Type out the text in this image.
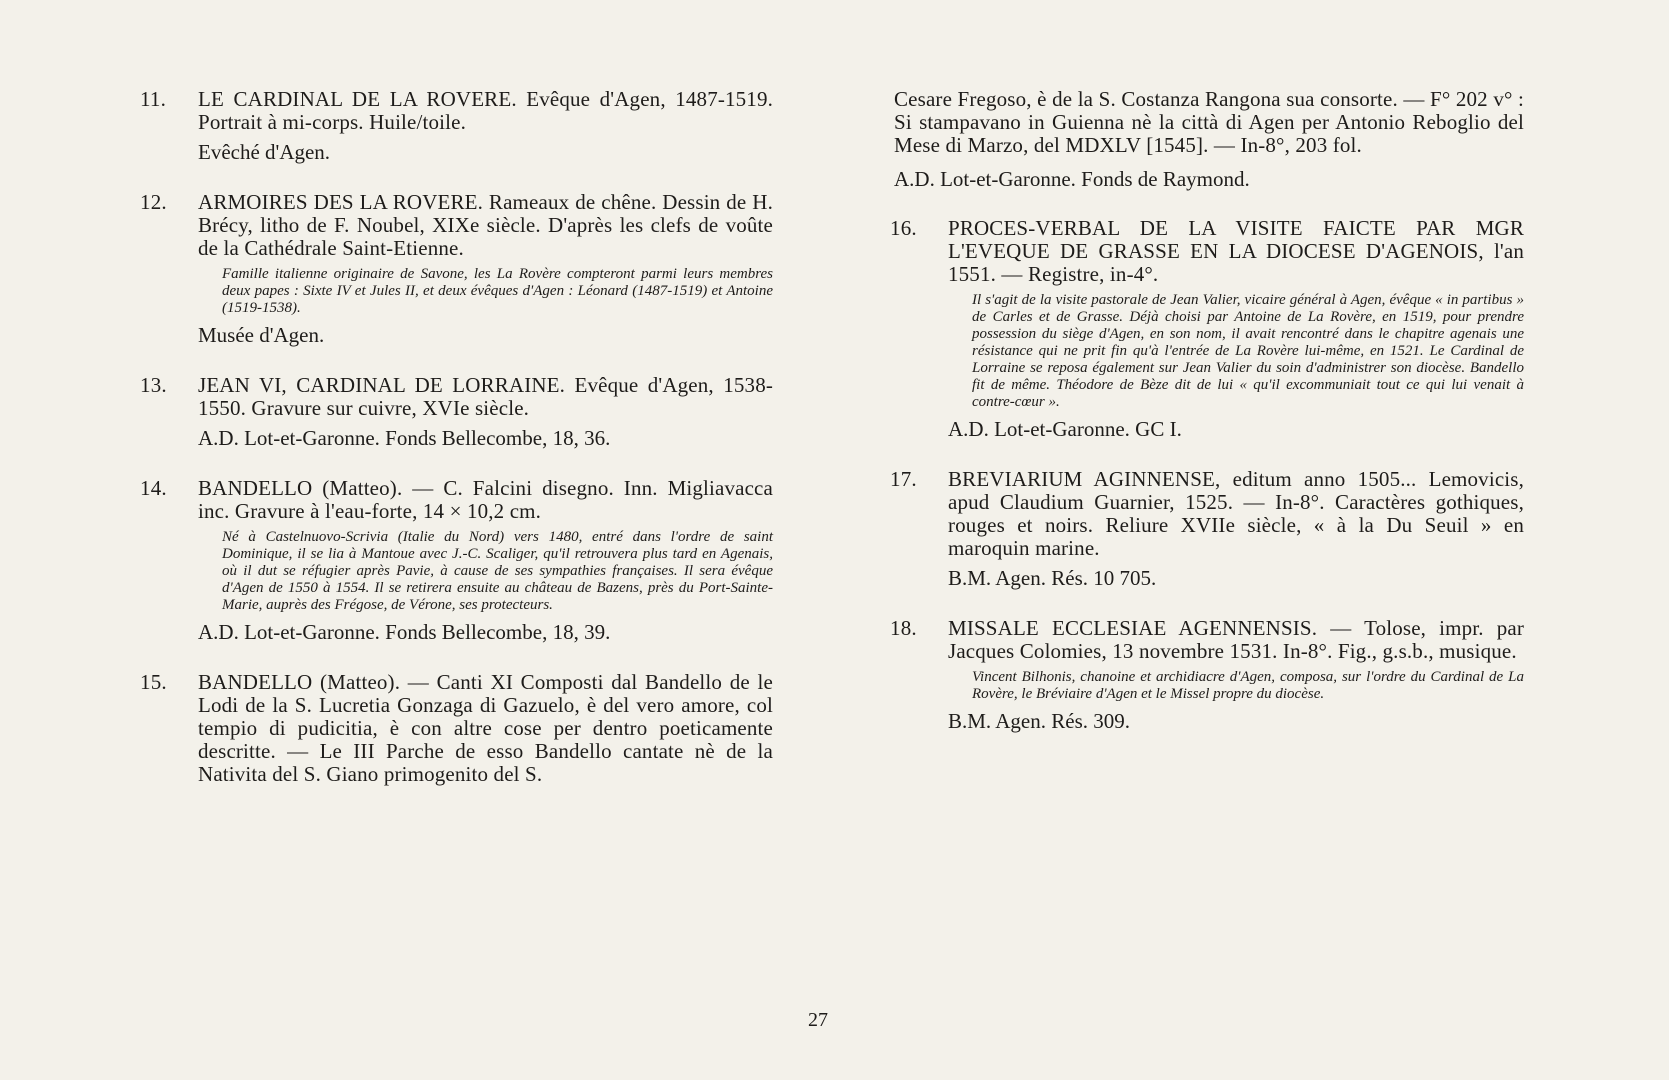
11. LE CARDINAL DE LA ROVERE. Evêque d'Agen, 1487-1519. Portrait à mi-corps. Huile/toile.

Evêché d'Agen.

12. ARMOIRES DES LA ROVERE. Rameaux de chêne. Dessin de H. Brécy, litho de F. Noubel, XIXe siècle. D'après les clefs de voûte de la Cathédrale Saint-Etienne.

Famille italienne originaire de Savone, les La Rovère compteront parmi leurs membres deux papes : Sixte IV et Jules II, et deux évêques d'Agen : Léonard (1487-1519) et Antoine (1519-1538).

Musée d'Agen.

13. JEAN VI, CARDINAL DE LORRAINE. Evêque d'Agen, 1538-1550. Gravure sur cuivre, XVIe siècle.

A.D. Lot-et-Garonne. Fonds Bellecombe, 18, 36.

14. BANDELLO (Matteo). — C. Falcini disegno. Inn. Migliavacca inc. Gravure à l'eau-forte, 14 × 10,2 cm.

Né à Castelnuovo-Scrivia (Italie du Nord) vers 1480, entré dans l'ordre de saint Dominique, il se lia à Mantoue avec J.-C. Scaliger, qu'il retrouvera plus tard en Agenais, où il dut se réfugier après Pavie, à cause de ses sympathies françaises. Il sera évêque d'Agen de 1550 à 1554. Il se retirera ensuite au château de Bazens, près du Port-Sainte-Marie, auprès des Frégose, de Vérone, ses protecteurs.

A.D. Lot-et-Garonne. Fonds Bellecombe, 18, 39.

15. BANDELLO (Matteo). — Canti XI Composti dal Bandello de le Lodi de la S. Lucretia Gonzaga di Gazuelo, è del vero amore, col tempio di pudicitia, è con altre cose per dentro poeticamente descritte. — Le III Parche de esso Bandello cantate nè de la Nativita del S. Giano primogenito del S.

Cesare Fregoso, è de la S. Costanza Rangona sua consorte. — F° 202 v° : Si stampavano in Guienna nè la città di Agen per Antonio Reboglio del Mese di Marzo, del MDXLV [1545]. — In-8°, 203 fol.

A.D. Lot-et-Garonne. Fonds de Raymond.

16. PROCES-VERBAL DE LA VISITE FAICTE PAR MGR L'EVEQUE DE GRASSE EN LA DIOCESE D'AGENOIS, l'an 1551. — Registre, in-4°.

Il s'agit de la visite pastorale de Jean Valier, vicaire général à Agen, évêque « in partibus » de Carles et de Grasse. Déjà choisi par Antoine de La Rovère, en 1519, pour prendre possession du siège d'Agen, en son nom, il avait rencontré dans le chapitre agenais une résistance qui ne prit fin qu'à l'entrée de La Rovère lui-même, en 1521. Le Cardinal de Lorraine se reposa également sur Jean Valier du soin d'administrer son diocèse. Bandello fit de même. Théodore de Bèze dit de lui « qu'il excommuniait tout ce qui lui venait à contre-cœur ».

A.D. Lot-et-Garonne. GC I.

17. BREVIARIUM AGINNENSE, editum anno 1505... Lemovicis, apud Claudium Guarnier, 1525. — In-8°. Caractères gothiques, rouges et noirs. Reliure XVIIe siècle, « à la Du Seuil » en maroquin marine.

B.M. Agen. Rés. 10 705.

18. MISSALE ECCLESIAE AGENNENSIS. — Tolose, impr. par Jacques Colomies, 13 novembre 1531. In-8°. Fig., g.s.b., musique.

Vincent Bilhonis, chanoine et archidiacre d'Agen, composa, sur l'ordre du Cardinal de La Rovère, le Bréviaire d'Agen et le Missel propre du diocèse.

B.M. Agen. Rés. 309.

27
